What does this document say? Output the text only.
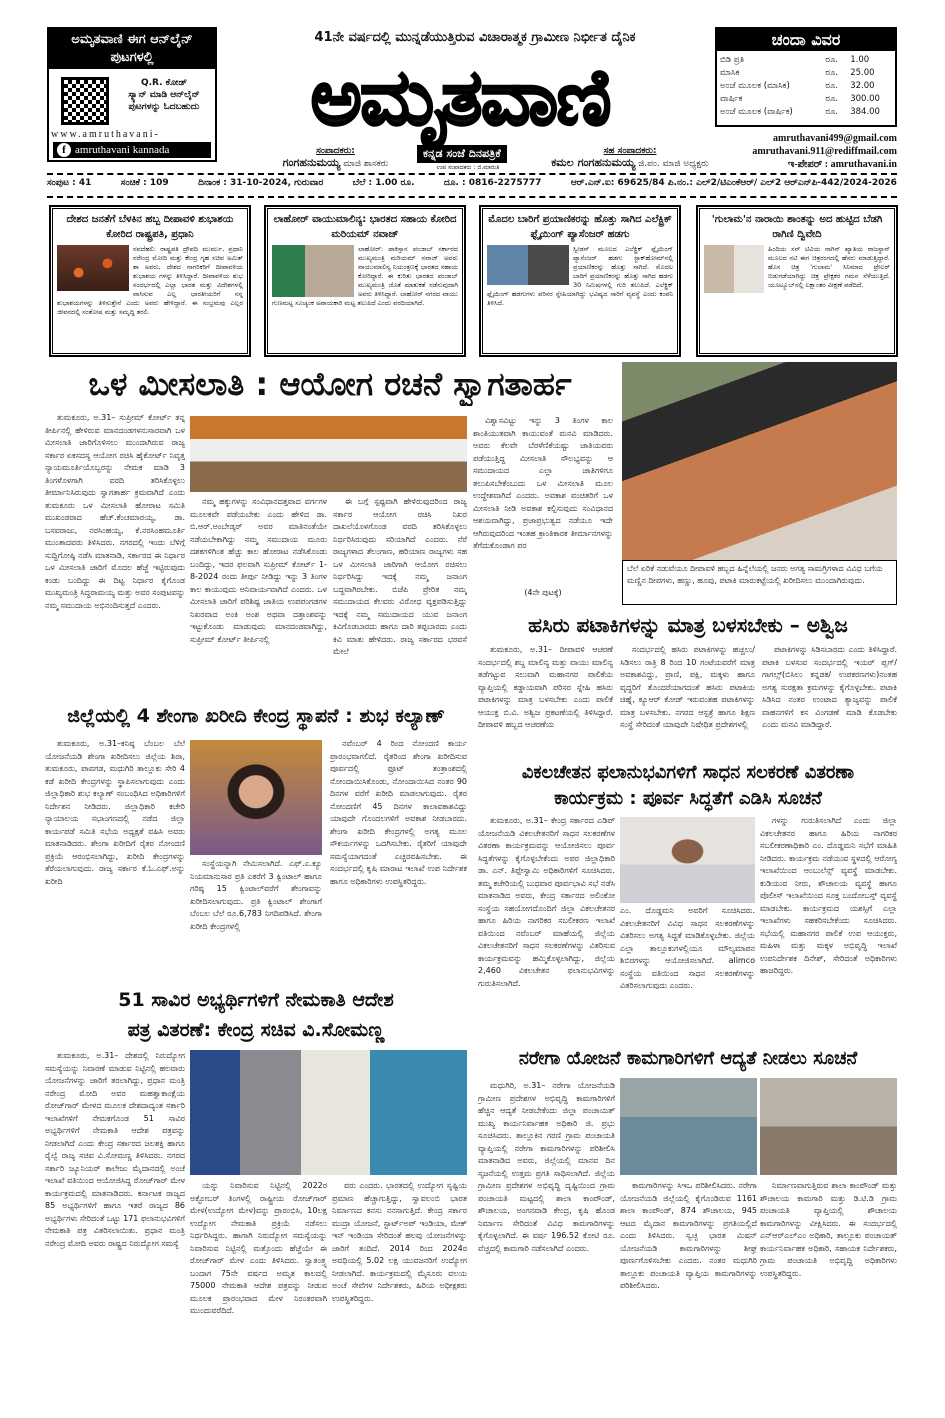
ಅಮೃತವಾಣಿ ಈಗ ಆನ್‌ಲೈನ್ ಪುಟಗಳಲ್ಲಿ
Q.R. ಕೋಡ್
ಸ್ಕ್ಯಾನ್ ಮಾಡಿ ಆನ್‌ಲೈನ್ ಪುಟಗಳನ್ನು ಓದಬಹುದು
www.amruthavani-
f amruthavani kannada
41ನೇ ವರ್ಷದಲ್ಲಿ ಮುನ್ನಡೆಯುತ್ತಿರುವ ವಿಚಾರಾತ್ಮಕ ಗ್ರಾಮೀಣ ನಿರ್ಭೀತ ದೈನಿಕ
ಅಮೃತವಾಣಿ
ಕನ್ನಡ ಸಂಜೆ ದಿನಪತ್ರಿಕೆ
ಸಂಪಾದಕರು:
ಗಂಗಹನುಮಯ್ಯ ಮಾಜಿ ಶಾಸಕರು	ಉಪ ಸಂಪಾದಕರು : ಜಿ.ಮಾರುತಿ
ಸಹ ಸಂಪಾದಕರು:
ಕಮಲ ಗಂಗಹನುಮಯ್ಯ ಜಿ.ಪಂ. ಮಾಜಿ ಅಧ್ಯಕ್ಷರು
ಚಂದಾ ವಿವರ
ಬಿಡಿ ಪ್ರತಿ	ರೂ.	1.00
ಮಾಸಿಕ	ರೂ.	25.00
ಅಂಚೆ ಮೂಲಕ (ಮಾಸಿಕ)	ರೂ.	32.00
ವಾರ್ಷಿಕ	ರೂ.	300.00
ಅಂಚೆ ಮೂಲಕ (ವಾರ್ಷಿಕ)	ರೂ.	384.00
amruthavani499@gmail.com
amruthavani.911@rediffmail.com
ಇ-ಪೇಪರ್ : amruthavani.in
ಸಂಪುಟ : 41	ಸಂಚಿಕೆ : 109	ದಿನಾಂಕ : 31-10-2024, ಗುರುವಾರ	ಬೆಲೆ : 1.00 ರೂ.	ದೂ. : 0816-2275777	ಆರ್.ಎನ್.ಐ: 69625/84 ಪಿ.ನಂ.: ಎಲ್2/ಟಿಎಂಕೆಆರ್/ ಎಲ್2 ಆರ್‌ಎನ್‌ಪಿ-442/2024-2026
ದೇಶದ ಜನತೆಗೆ ಬೆಳಕಿನ ಹಬ್ಬ ದೀಪಾವಳಿ ಶುಭಾಶಯ ಕೋರಿದ ರಾಷ್ಟ್ರಪತಿ, ಪ್ರಧಾನಿ

ನವದೆಹಲಿ: ರಾಷ್ಟ್ರಪತಿ ದ್ರೌಪದಿ ಮುರ್ಮು, ಪ್ರಧಾನಿ ನರೇಂದ್ರ ಮೋದಿ ಮತ್ತು ಕೇಂದ್ರ ಗೃಹ ಸಚಿವ ಅಮಿತ್ ಶಾ ಅವರು, ದೇಶದ ನಾಗರಿಕರಿಗೆ ದೀಪಾವಳಿಯ ಶುಭಾಶಯ ಗಳನ್ನು ತಿಳಿಸಿದ್ದಾರೆ. ದೀಪಾವಳಿಯ ಶುಭ ಸಂದರ್ಭದಲ್ಲಿ ಎಲ್ಲಾ ಭಾರತ ಮತ್ತು ವಿದೇಶಗಳಲ್ಲಿ ವಾಸಿಸುವ ಎಲ್ಲ ಭಾರತೀಯರಿಗೆ ನನ್ನ ಶುಭಾಶಯಗಳನ್ನು ತಿಳಿಸುತ್ತೇನೆ ಎಂದು ಅವರು ಹೇಳಿದ್ದಾರೆ. ಈ ಸಂಭ್ರಮವು ಎಲ್ಲರ ಜೀವನದಲ್ಲಿ ಸಂತೋಷ ಮತ್ತು ಸಮೃದ್ಧಿ ತರಲಿ.

ಲಾಹೋರ್ ವಾಯುಮಾಲಿನ್ಯ: ಭಾರತದ ಸಹಾಯ ಕೋರಿದ ಮರಿಯಮ್ ನವಾಜ್

ಲಾಹೋರ್: ಪಾಕಿಸ್ತಾನ ಪಂಜಾಬ್ ಸರ್ಕಾರದ ಮುಖ್ಯಮಂತ್ರಿ ಮರಿಯಮ್ ನವಾಜ್ ಅವರು ವಾಯುಮಾಲಿನ್ಯ ನಿಯಂತ್ರಣಕ್ಕೆ ಭಾರತದ ಸಹಾಯ ಕೋರಿದ್ದಾರೆ. ಈ ಕುರಿತು ಭಾರತದ ಪಂಜಾಬ್ ಮುಖ್ಯಮಂತ್ರಿ ಜೊತೆ ಮಾತುಕತೆ ನಡೆಸುವುದಾಗಿ ಅವರು ತಿಳಿಸಿದ್ದಾರೆ. ಲಾಹೋರ್ ನಗರದ ವಾಯು ಗುಣಮಟ್ಟ ಸೂಚ್ಯಂಕ ಅಪಾಯಕಾರಿ ಮಟ್ಟ ತಲುಪಿದೆ ಎಂದು ವರದಿಯಾಗಿದೆ.

ಮೊದಲ ಬಾರಿಗೆ ಪ್ರಯಾಣಿಕರನ್ನು ಹೊತ್ತು ಸಾಗಿದ ಎಲೆಕ್ಟ್ರಿಕ್ ಫ್ಲೈಯಿಂಗ್ ಪ್ಯಾಸೆಂಜರ್ ಹಡಗು

ಸ್ವೀಡನ್ ಮೂಲದ ಎಲೆಕ್ಟ್ರಿಕ್ ಫ್ಲೈಯಿಂಗ್ ಪ್ಯಾಸೆಂಜರ್ ಹಡಗು ಸ್ಟಾಕ್‌ಹೋಮ್‌ನಲ್ಲಿ ಪ್ರಯಾಣಿಕರನ್ನು ಹೊತ್ತು ಸಾಗಿದೆ. ಮೊದಲ ಬಾರಿಗೆ ಪ್ರಯಾಣಿಕರನ್ನು ಹೊತ್ತು ಸಾಗಿದ ಹಡಗು 30 ನಿಮಿಷಗಳಲ್ಲಿ ಗುರಿ ತಲುಪಿದೆ. ಎಲೆಕ್ಟ್ರಿಕ್ ಫ್ಲೈಯಿಂಗ್ ಹಡಗುಗಳು ಪರಿಸರ ಸ್ನೇಹಿಯಾಗಿದ್ದು ಭವಿಷ್ಯದ ಸಾರಿಗೆ ವ್ಯವಸ್ಥೆ ಎಂದು ಕಂಪನಿ ತಿಳಿಸಿದೆ.

'ಗುಲಾಮ'ನ ನಾರಾಯಿ ಶಾಂತನ್ನು ಅದ ಹುಟ್ಟಿದ ಬೆಡಗಿ ರಾಗಿಣಿ ದ್ವಿವೇದಿ

ಹಿಂದಿಯ ಸನ್ ಟಿವಿಯ ನಾಗಿನ್ ಖ್ಯಾತಿಯ ರಾಜಸ್ಥಾನ್ ಮೂಲದ ನಟಿ ಈಗ ಚಿತ್ರರಂಗದಲ್ಲಿ ಹೆಸರು ಮಾಡುತ್ತಿದ್ದಾರೆ. ಹೊಸ ಚಿತ್ರ 'ಗುಲಾಮ' ಸಿನಿಮಾದ ಟ್ರೇಲರ್ ಬಿಡುಗಡೆಯಾಗಿದ್ದು ಚಿತ್ರ ಪ್ರೇಕ್ಷಕರ ಗಮನ ಸೆಳೆಯುತ್ತಿದೆ. ಯೂಟ್ಯೂಬ್‌ನಲ್ಲಿ ಲಕ್ಷಾಂತರ ವೀಕ್ಷಣೆ ಪಡೆದಿದೆ.

ಒಳ ಮೀಸಲಾತಿ : ಆಯೋಗ ರಚನೆ ಸ್ವಾಗತಾರ್ಹ
ತುಮಕೂರು, ಅ.31– ಸುಪ್ರೀಮ್ ಕೋರ್ಟ್ ತನ್ನ ತೀರ್ಪಿನಲ್ಲಿ ಹೇಳಿರುವ ಮಾನದಂಡಗಳನುಸಾರವಾಗಿ ಒಳ ಮೀಸಲಾತಿ ಜಾರಿಗೊಳಿಸಲು ಮುಂದಾಗಿರುವ ರಾಜ್ಯ ಸರ್ಕಾರ ಏಕಸದಸ್ಯ ಆಯೋಗ ರಚಿಸಿ ಹೈಕೋರ್ಟ್ ನಿವೃತ್ತ ನ್ಯಾಯಮೂರ್ತಿಯೊಬ್ಬರನ್ನು ನೇಮಕ ಮಾಡಿ 3 ತಿಂಗಳೊಳಗಾಗಿ ವರದಿ ತರಿಸಿಕೊಳ್ಳಲು ತೀರ್ಮಾನಿಸಿರುವುದು ಸ್ವಾಗತಾರ್ಹ ಕ್ರಮವಾಗಿದೆ ಎಂದು ತುಮಕೂರು ಒಳ ಮೀಸಲಾತಿ ಹೋರಾಟ ಸಮಿತಿ ಮುಖಂಡರಾದ ಹೆಚ್.ಕೆಂಚಮಾರಯ್ಯ, ಡಾ. ಬಸವರಾಜು, ನರಸಿಂಹಯ್ಯ, ಕೆ.ನರಸಿಂಹಮೂರ್ತಿ ಮುಂತಾದವರು ತಿಳಿಸಿದರು. ನಗರದಲ್ಲಿ ಇಂದು ಬೆಳಿಗ್ಗೆ ಸುದ್ದಿಗೋಷ್ಠಿ ನಡೆಸಿ ಮಾತನಾಡಿ, ಸರ್ಕಾರದ ಈ ನಿರ್ಧಾರ ಒಳ ಮೀಸಲಾತಿ ಜಾರಿಗೆ ಮೊದಲ ಹೆಜ್ಜೆ ಇಟ್ಟಿರುವುದು ಕಂಡು ಬಂದಿದ್ದು ಈ ದಿಟ್ಟ ನಿರ್ಧಾರ ಕೈಗೊಂಡ ಮುಖ್ಯಮಂತ್ರಿ ಸಿದ್ದರಾಮಯ್ಯ ಮತ್ತು ಅವರ ಸಂಪುಟವನ್ನು ನಮ್ಮ ಸಮುದಾಯ ಅಭಿನಂದಿಸುತ್ತದೆ ಎಂದರು.
ನಮ್ಮ ಹಕ್ಕುಗಳನ್ನು ಸಂವಿಧಾನದತ್ತವಾದ ವರ್ಗಗಳ ಮೂಲಕವೇ ಪಡೆಯಬೇಕು ಎಂದು ಹೇಳಿದ ಡಾ. ಬಿ.ಆರ್.ಅಂಬೇಡ್ಕರ್ ಅವರ ಮಾತಿನಂತೆಯೇ ನಡೆಯಬೇಕಾಗಿದ್ದು ನಮ್ಮ ಸಮುದಾಯ ಮೂರು ದಶಕಗಳಿಗಿಂತ ಹೆಚ್ಚು ಕಾಲ ಹೋರಾಟ ನಡೆಸಿಕೊಂಡು ಬಂದಿದ್ದು, ಇದರ ಫಲವಾಗಿ ಸುಪ್ರೀಮ್ ಕೋರ್ಟ್ 1-8-2024 ರಂದು ತೀರ್ಪು ನೀಡಿದ್ದು ಇನ್ನು 3 ತಿಂಗಳ ಕಾಲ ಕಾಯುವುದು ಅನಿವಾರ್ಯವಾಗಿದೆ ಎಂದರು. ಒಳ ಮೀಸಲಾತಿ ಜಾರಿಗೆ ಪರಿಶಿಷ್ಟ ಜಾತಿಯ ಉಪಪಂಗಡಗಳ ನಿಖರವಾದ ಅಂಕಿ ಅಂಶ ಅಥವಾ ದತ್ತಾಂಶವನ್ನು ಇಟ್ಟುಕೊಂಡು ಮಾಡುವುದು ಮಾನದಂಡವಾಗಿದ್ದು, ಸುಪ್ರೀಮ್ ಕೋರ್ಟ್ ತೀರ್ಪಿನಲ್ಲಿ
ಈ ಬಗ್ಗೆ ಸ್ಪಷ್ಟವಾಗಿ ಹೇಳಿರುವುದರಿಂದ ರಾಜ್ಯ ಸರ್ಕಾರ ಆಯೋಗ ರಚಿಸಿ ನಿಖರ ದಾಖಲೆಯೊಳಗೊಂಡ ವರದಿ ತರಿಸಿಕೊಳ್ಳಲು ನಿರ್ಧರಿಸಿರುವುದು ಸರಿಯಾಗಿದೆ ಎಂದರು. ನೆರೆ ರಾಜ್ಯಗಳಾದ ತೆಲಂಗಾಣ, ಹರಿಯಾಣ ರಾಜ್ಯಗಳು ಸಹ ಒಳ ಮೀಸಲಾತಿ ಜಾರಿಗಾಗಿ ಆಯೋಗ ರಚಿಸಲು ನಿರ್ಧರಿಸಿದ್ದು ಇದಕ್ಕೆ ನಮ್ಮ ಜನಾಂಗ ಬದ್ಧವಾಗಿರಬೇಕು. ಬಿಜೆಪಿ ಪ್ರೇರಿತ ನಮ್ಮ ಸಮುದಾಯದ ಕೆಲವರು ವಿರೋಧ ವ್ಯಕ್ತಪಡಿಸುತ್ತಿದ್ದು ಇದಕ್ಕೆ ನಮ್ಮ ಸಮುದಾಯದ ಯುವ ಜನಾಂಗ ಕಿವಿಗೊಡಬಾರದು ಹಾಗೂ ದಾರಿ ತಪ್ಪಬಾರದು ಎಂದು ಕಿವಿ ಮಾತು ಹೇಳಿದರು. ರಾಜ್ಯ ಸರ್ಕಾರದ ಭರವಸೆ ಮೇಲೆ
ವಿಶ್ವಾಸವಿಟ್ಟು ಇನ್ನು 3 ತಿಂಗಳ ಕಾಲ ಶಾಂತಿಯುತವಾಗಿ ಕಾಯುವಂತೆ ಮನವಿ ಮಾಡಿದರು. ಅವರು ಕೆಲವೇ ಬೆರಳೆಣಿಕೆಯಷ್ಟು ಜಾತಿಯವರು ಪಡೆಯುತ್ತಿದ್ದ ಮೀಸಲಾತಿ ಸೌಲಭ್ಯವನ್ನು ಆ ಸಮುದಾಯದ ಎಲ್ಲಾ ಜಾತಿಗಳಿಗೂ ತಲುಪಿಸಬೇಕೆಂಬುದು ಒಳ ಮೀಸಲಾತಿ ಮೂಲ ಉದ್ದೇಶವಾಗಿದೆ ಎಂದರು. ಅವಕಾಶ ವಂಚಿತರಿಗೆ ಒಳ ಮೀಸಲಾತಿ ನೀಡಿ ಅವಕಾಶ ಕಲ್ಪಿಸುವುದು ಸಂವಿಧಾನದ ಆಶಯವಾಗಿದ್ದು, ಪ್ರಜಾಪ್ರಭುತ್ವದ ನಡೆಯೂ ಇದೇ ಆಗಿರುವುದರಿಂದ ಇಂತಹ ಕ್ರಾಂತಿಕಾರಕ ತೀರ್ಮಾನಗಳನ್ನು ತೆಗೆದುಕೊಂಡಾಗ ಪರ
(4ನೇ ಪುಟಕ್ಕೆ)
ಬೆಲೆ ಏರಿಕೆ ನಡುವೆಯೂ ದೀಪಾವಳಿ ಹಬ್ಬದ ಹಿನ್ನೆಲೆಯಲ್ಲಿ ಜನರು ಅಗತ್ಯ ಸಾಮಗ್ರಿಗಳಾದ ವಿವಿಧ ಬಗೆಯ ಮಣ್ಣಿನ ದೀಪಗಳು, ಹಣ್ಣು, ಹೂವು, ಪಟಾಕಿ ಮಾರುಕಟ್ಟೆಯಲ್ಲಿ ಖರೀದಿಸಲು ಮುಂದಾಗಿರುವುದು.
ಹಸಿರು ಪಟಾಕಿಗಳನ್ನು ಮಾತ್ರ ಬಳಸಬೇಕು – ಅಶ್ವಿಜ
ತುಮಕೂರು, ಅ.31– ದೀಪಾವಳಿ ಆಚರಣೆ ಸಂದರ್ಭದಲ್ಲಿ ಶಬ್ದ ಮಾಲಿನ್ಯ ಮತ್ತು ವಾಯು ಮಾಲಿನ್ಯ ತಡೆಗಟ್ಟುವ ಸಲುವಾಗಿ ಮಹಾನಗರ ಪಾಲಿಕೆಯ ವ್ಯಾಪ್ತಿಯಲ್ಲಿ ಕಡ್ಡಾಯವಾಗಿ ಪರಿಸರ ಸ್ನೇಹಿ ಹಸಿರು ಪಟಾಕಿಗಳನ್ನು ಮಾತ್ರ ಬಳಸಬೇಕು ಎಂದು ಪಾಲಿಕೆ ಆಯುಕ್ತ ಬಿ.ವಿ. ಅಶ್ವಿಜ ಪ್ರಕಟಣೆಯಲ್ಲಿ ತಿಳಿಸಿದ್ದಾರೆ. ದೀಪಾವಳಿ ಹಬ್ಬದ ಆಚರಣೆಯ
ಸಂದರ್ಭದಲ್ಲಿ ಹಸಿರು ಪಟಾಕಿಗಳನ್ನು ಹಚ್ಚಲು/ಸಿಡಿಸಲು ರಾತ್ರಿ 8 ರಿಂದ 10 ಗಂಟೆಯವರೆಗೆ ಮಾತ್ರ ಅವಕಾಶವಿದ್ದು, ಪ್ರಾಣಿ, ಪಕ್ಷಿ, ಮಕ್ಕಳು ಹಾಗೂ ವೃದ್ಧರಿಗೆ ತೊಂದರೆಯಾಗದಂತೆ ಹಸಿರು ಪಟಾಕಿಯ ಚಿಹ್ನೆ, ಕ್ಯೂಆರ್ ಕೋಡ್ ಇರುವಂತಹ ಪಟಾಕಿಗಳನ್ನು ಮಾತ್ರ ಬಳಸಬೇಕು. ನಗರದ ಆಸ್ಪತ್ರೆ ಹಾಗೂ ಶಿಕ್ಷಣ ಸಂಸ್ಥೆ ಸೇರಿದಂತೆ ಯಾವುದೇ ನಿಷೇಧಿತ ಪ್ರದೇಶಗಳಲ್ಲಿ
ಪಟಾಕಿಗಳನ್ನು ಸಿಡಿಸಬಾರದು ಎಂದು ತಿಳಿಸಿದ್ದಾರೆ. ಪಟಾಕಿ ಬಳಸುವ ಸಂದರ್ಭದಲ್ಲಿ ಇಯರ್ ಪ್ಲಗ್/ಗಾಗಲ್ಸ್(ಬಿಸಿಲು ಕನ್ನಡಕ/ ಉಪಕರಣಗಳು)ನಂತಹ ಅಗತ್ಯ ಸುರಕ್ಷತಾ ಕ್ರಮಗಳನ್ನು ಕೈಗೊಳ್ಳಬೇಕು. ಪಟಾಕಿ ಸಿಡಿಸಿದ ನಂತರ ಉಂಟಾದ ತ್ಯಾಜ್ಯವನ್ನು ಪಾಲಿಕೆ ವಾಹನಗಳಿಗೆ ಕಸ ವಿಂಗಡಣೆ ಮಾಡಿ ಕೊಡಬೇಕು ಎಂದು ಮನವಿ ಮಾಡಿದ್ದಾರೆ.
ಜಿಲ್ಲೆಯಲ್ಲಿ 4 ಶೇಂಗಾ ಖರೀದಿ ಕೇಂದ್ರ ಸ್ಥಾಪನೆ : ಶುಭ ಕಲ್ಯಾಣ್
ತುಮಕೂರು, ಅ.31–ಕನಿಷ್ಠ ಬೆಂಬಲ ಬೆಲೆ ಯೋಜನೆಯಡಿ ಶೇಂಗಾ ಖರೀದಿಸಲು ಜಿಲ್ಲೆಯ ಶಿರಾ, ತುಮಕೂರು, ಪಾವಗಡ, ಮಧುಗಿರಿ ತಾಲ್ಲೂಕು ಸೇರಿ 4 ಕಡೆ ಖರೀದಿ ಕೇಂದ್ರಗಳನ್ನು ಸ್ಥಾಪಿಸಲಾಗುವುದು ಎಂದು ಜಿಲ್ಲಾಧಿಕಾರಿ ಶುಭ ಕಲ್ಯಾಣ್ ಸಂಬಂಧಿಸಿದ ಅಧಿಕಾರಿಗಳಿಗೆ ನಿರ್ದೇಶನ ನೀಡಿದರು. ಜಿಲ್ಲಾಧಿಕಾರಿ ಕಚೇರಿ ನ್ಯಾಯಾಲಯ ಸಭಾಂಗಣದಲ್ಲಿ ನಡೆದ ಜಿಲ್ಲಾ ಕಾರ್ಯಪಡೆ ಸಮಿತಿ ಸಭೆಯ ಅಧ್ಯಕ್ಷತೆ ವಹಿಸಿ ಅವರು ಮಾತನಾಡಿದರು. ಶೇಂಗಾ ಖರೀದಿಗೆ ರೈತರ ನೋಂದಣಿ ಪ್ರಕ್ರಿಯೆ ಆರಂಭಿಸಲಾಗಿದ್ದು, ಖರೀದಿ ಕೇಂದ್ರಗಳನ್ನು ತೆರೆಯಲಾಗುವುದು. ರಾಜ್ಯ ಸರ್ಕಾರ ಕೆ.ಓ.ಎಫ್.ಅನ್ನು ಖರೀದಿ
ಸಂಸ್ಥೆಯನ್ನಾಗಿ ನೇಮಿಸಲಾಗಿದೆ. ಎಫ್.ಎ.ಕ್ಯೂ ನಿಯಮಾನುಸಾರ ಪ್ರತಿ ಎಕರೆಗೆ 3 ಕ್ವಿಂಟಾಲ್ ಹಾಗೂ ಗರಿಷ್ಠ 15 ಕ್ವಿಂಟಾಲ್‌ವರೆಗೆ ಶೇಂಗಾವನ್ನು ಖರೀದಿಸಲಾಗುವುದು. ಪ್ರತಿ ಕ್ವಿಂಟಾಲ್ ಶೇಂಗಾಗೆ ಬೆಂಬಲ ಬೆಲೆ ರೂ.6,783 ನಿಗದಿಪಡಿಸಿದೆ. ಶೇಂಗಾ ಖರೀದಿ ಕೇಂದ್ರಗಳಲ್ಲಿ
ನವೆಂಬರ್ 4 ರಿಂದ ನೋಂದಣಿ ಕಾರ್ಯ ಪ್ರಾರಂಭವಾಗಲಿದೆ. ರೈತರಿಂದ ಶೇಂಗಾ ಖರೀದಿಸುವ ಪೂರ್ವದಲ್ಲಿ ಫ್ರೂಟ್ ತಂತ್ರಾಂಶದಲ್ಲಿ ನೋಂದಾಯಿಸಿಕೊಂಡು, ನೋಂದಾಯಿಸಿದ ನಂತರ 90 ದಿನಗಳ ವರೆಗೆ ಖರೀದಿ ಮಾಡಲಾಗುವುದು. ರೈತರ ನೋಂದಣಿಗೆ 45 ದಿನಗಳ ಕಾಲಾವಕಾಶವಿದ್ದು ಯಾವುದೇ ಗೊಂದಲಗಳಿಗೆ ಅವಕಾಶ ನೀಡಬಾರದು. ಶೇಂಗಾ ಖರೀದಿ ಕೇಂದ್ರಗಳಲ್ಲಿ ಅಗತ್ಯ ಮೂಲ ಸೌಕರ್ಯಗಳನ್ನು ಒದಗಿಸಬೇಕು. ರೈತರಿಗೆ ಯಾವುದೇ ಸಮಸ್ಯೆಯಾಗದಂತೆ ಎಚ್ಚರವಹಿಸಬೇಕು. ಈ ಸಂದರ್ಭದಲ್ಲಿ ಕೃಷಿ ಮಾರಾಟ ಇಲಾಖೆ ಉಪ ನಿರ್ದೇಶಕ ಹಾಗೂ ಅಧಿಕಾರಿಗಳು ಉಪಸ್ಥಿತರಿದ್ದರು.
ವಿಕಲಚೇತನ ಫಲಾನುಭವಿಗಳಿಗೆ ಸಾಧನ ಸಲಕರಣೆ ವಿತರಣಾ
ಕಾರ್ಯಕ್ರಮ : ಪೂರ್ವ ಸಿದ್ಧತೆಗೆ ಎಡಿಸಿ ಸೂಚನೆ
ತುಮಕೂರು, ಅ.31– ಕೇಂದ್ರ ಸರ್ಕಾರದ ಎಡಿಪ್ ಯೋಜನೆಯಡಿ ವಿಕಲಚೇತನರಿಗೆ ಸಾಧನ ಸಲಕರಣೆಗಳ ವಿತರಣಾ ಕಾರ್ಯಕ್ರಮವನ್ನು ಆಯೋಜಿಸಲು ಪೂರ್ವ ಸಿದ್ಧತೆಗಳನ್ನು ಕೈಗೊಳ್ಳಬೇಕೆಂದು ಅಪರ ಜಿಲ್ಲಾಧಿಕಾರಿ ಡಾ. ಎನ್. ತಿಪ್ಪೇಸ್ವಾಮಿ ಅಧಿಕಾರಿಗಳಿಗೆ ಸೂಚಿಸಿದರು. ತಮ್ಮ ಕಚೇರಿಯಲ್ಲಿ ಬುಧವಾರ ಪೂರ್ವಭಾವಿ ಸಭೆ ನಡೆಸಿ ಮಾತನಾಡಿದ ಅವರು, ಕೇಂದ್ರ ಸರ್ಕಾರದ ಅಲಿಂಕೋ ಸಂಸ್ಥೆಯ ಸಹಯೋಗದೊಂದಿಗೆ ಜಿಲ್ಲಾ ವಿಕಲಚೇತನರ ಹಾಗೂ ಹಿರಿಯ ನಾಗರಿಕರ ಸಬಲೀಕರಣ ಇಲಾಖೆ ವತಿಯಿಂದ ನವೆಂಬರ್ ಮಾಹೆಯಲ್ಲಿ ಜಿಲ್ಲೆಯ ವಿಕಲಚೇತನರಿಗೆ ಸಾಧನ ಸಲಕರಣೆಗಳನ್ನು ವಿತರಿಸುವ ಕಾರ್ಯಕ್ರಮವನ್ನು ಹಮ್ಮಿಕೊಳ್ಳಲಾಗಿದ್ದು, ಜಿಲ್ಲೆಯ 2,460 ವಿಕಲಚೇತನ ಫಲಾನುಭವಿಗಳನ್ನು ಗುರುತಿಸಲಾಗಿದೆ.
ಎಂ. ದೊಡ್ಡಮನಿ ಅವರಿಗೆ ಸೂಚಿಸಿದರು. ವಿಕಲಚೇತನರಿಗೆ ವಿವಿಧ ಸಾಧನ ಸಲಕರಣೆಗಳನ್ನು ವಿತರಿಸಲು ಅಗತ್ಯ ಸಿದ್ಧತೆ ಮಾಡಿಕೊಳ್ಳಬೇಕು. ಜಿಲ್ಲೆಯ ಎಲ್ಲಾ ತಾಲ್ಲೂಕುಗಳಲ್ಲಿಯೂ ಮೌಲ್ಯಮಾಪನ ಶಿಬಿರಗಳನ್ನು ಆಯೋಜಿಸಲಾಗಿದೆ. alimco ಸಂಸ್ಥೆಯ ವತಿಯಿಂದ ಸಾಧನ ಸಲಕರಣೆಗಳನ್ನು ವಿತರಿಸಲಾಗುವುದು ಎಂದರು.
ಗಳನ್ನು ಗುರುತಿಸಲಾಗಿದೆ ಎಂದು ಜಿಲ್ಲಾ ವಿಕಲಚೇತನರ ಹಾಗೂ ಹಿರಿಯ ನಾಗರಿಕರ ಸಬಲೀಕರಣಾಧಿಕಾರಿ ಎಂ. ದೊಡ್ಡಮನಿ ಸಭೆಗೆ ಮಾಹಿತಿ ನೀಡಿದರು. ಕಾರ್ಯಕ್ರಮ ನಡೆಯುವ ಸ್ಥಳದಲ್ಲಿ ಆರೋಗ್ಯ ಇಲಾಖೆಯಿಂದ ಆಂಬುಲೆನ್ಸ್ ವ್ಯವಸ್ಥೆ ಮಾಡಬೇಕು. ಕುಡಿಯುವ ನೀರು, ಶೌಚಾಲಯ ವ್ಯವಸ್ಥೆ ಹಾಗೂ ಪೊಲೀಸ್ ಇಲಾಖೆಯಿಂದ ಸೂಕ್ತ ಬಂದೋಬಸ್ತ್ ವ್ಯವಸ್ಥೆ ಮಾಡಬೇಕು. ಕಾರ್ಯಕ್ರಮದ ಯಶಸ್ಸಿಗೆ ಎಲ್ಲಾ ಇಲಾಖೆಗಳು ಸಹಕರಿಸಬೇಕೆಂದು ಸೂಚಿಸಿದರು. ಸಭೆಯಲ್ಲಿ ಮಹಾನಗರ ಪಾಲಿಕೆ ಉಪ ಆಯುಕ್ತರು, ಮಹಿಳಾ ಮತ್ತು ಮಕ್ಕಳ ಅಭಿವೃದ್ಧಿ ಇಲಾಖೆ ಉಪನಿರ್ದೇಶಕ ದಿನೇಶ್, ಸೇರಿದಂತೆ ಅಧಿಕಾರಿಗಳು ಹಾಜರಿದ್ದರು.
51 ಸಾವಿರ ಅಭ್ಯರ್ಥಿಗಳಿಗೆ ನೇಮಕಾತಿ ಆದೇಶ
ಪತ್ರ ವಿತರಣೆ: ಕೇಂದ್ರ ಸಚಿವ ವಿ.ಸೋಮಣ್ಣ
ತುಮಕೂರು, ಅ.31– ದೇಶದಲ್ಲಿ ನಿರುದ್ಯೋಗ ಸಮಸ್ಯೆಯನ್ನು ನಿವಾರಣೆ ಮಾಡುವ ನಿಟ್ಟಿನಲ್ಲಿ ಹಲವಾರು ಯೋಜನೆಗಳನ್ನು ಜಾರಿಗೆ ತರಲಾಗಿದ್ದು, ಪ್ರಧಾನ ಮಂತ್ರಿ ನರೇಂದ್ರ ಮೋದಿ ಅವರ ಮಹತ್ವಾಕಾಂಕ್ಷೆಯ ರೋಜ್‌ಗಾರ್ ಮೇಳದ ಮೂಲಕ ದೇಶದಾದ್ಯಂತ ಸರ್ಕಾರಿ ಇಲಾಖೆಗಳಿಗೆ ನೇಮಕಗೊಂಡ 51 ಸಾವಿರ ಅಭ್ಯರ್ಥಿಗಳಿಗೆ ನೇಮಕಾತಿ ಆದೇಶ ಪತ್ರವನ್ನು ನೀಡಲಾಗಿದೆ ಎಂದು ಕೇಂದ್ರ ಸರ್ಕಾರದ ಜಲಶಕ್ತಿ ಹಾಗೂ ರೈಲ್ವೆ ರಾಜ್ಯ ಸಚಿವ ವಿ.ಸೋಮಣ್ಣ ತಿಳಿಸಿದರು. ನಗರದ ಸರ್ಕಾರಿ ಜ್ಯೂನಿಯರ್ ಕಾಲೇಜು ಮೈದಾನದಲ್ಲಿ ಅಂಚೆ ಇಲಾಖೆ ವತಿಯಿಂದ ಆಯೋಜಿಸಿದ್ದ ರೋಜ್‌ಗಾರ್ ಮೇಳ ಕಾರ್ಯಕ್ರಮದಲ್ಲಿ ಮಾತನಾಡಿದರು. ಕರ್ನಾಟಕ ರಾಜ್ಯದ 85 ಅಭ್ಯರ್ಥಿಗಳಿಗೆ ಹಾಗೂ ಇತರೆ ರಾಜ್ಯದ 86 ಅಭ್ಯರ್ಥಿಗಳು ಸೇರಿದಂತೆ ಒಟ್ಟು 171 ಫಲಾನುಭವಿಗಳಿಗೆ ನೇಮಕಾತಿ ಪತ್ರ ವಿತರಿಸಲಾಯಿತು. ಪ್ರಧಾನ ಮಂತ್ರಿ ನರೇಂದ್ರ ಮೋದಿ ಅವರು ರಾಷ್ಟ್ರದ ನಿರುದ್ಯೋಗ ಸಮಸ್ಯೆ
ಯನ್ನು ನಿವಾರಿಸುವ ನಿಟ್ಟಿನಲ್ಲಿ 2022ರ ಅಕ್ಟೋಬರ್ ತಿಂಗಳಲ್ಲಿ ರಾಷ್ಟ್ರೀಯ ರೋಜ್‌ಗಾರ್ ಮೇಳ(ಉದ್ಯೋಗ ಮೇಳ)ವನ್ನು ಪ್ರಾರಂಭಿಸಿ, 10ಲಕ್ಷ ಉದ್ಯೋಗ ನೇಮಕಾತಿ ಪ್ರಕ್ರಿಯೆ ನಡೆಸಲು ನಿರ್ಧರಿಸಿದ್ದರು. ಹಾಗಾಗಿ ನಿರುದ್ಯೋಗ ಸಮಸ್ಯೆಯನ್ನು ನಿವಾರಿಸುವ ನಿಟ್ಟಿನಲ್ಲಿ ಮತ್ತೊಂದು ಹೆಜ್ಜೆಯೇ ಈ ರೋಜ್‌ಗಾರ್ ಮೇಳ ಎಂದು ತಿಳಿಸಿದರು. ಸ್ವಾತಂತ್ರ್ಯ ಬಂದಾಗ 75ನೇ ವರ್ಷದ ಅಮೃತ ಕಾಲದಲ್ಲಿ 75000 ನೇಮಕಾತಿ ಆದೇಶ ಪತ್ರವನ್ನು ನೀಡುವ ಮೂಲಕ ಪ್ರಾರಂಭವಾದ ಮೇಳ ನಿರಂತರವಾಗಿ ಮುಂದುವರೆದಿದೆ.
ವರು ಎಂದರು. ಭಾರತದಲ್ಲಿ ಉದ್ಯೋಗ ಸೃಷ್ಟಿಯ ಪ್ರಮಾಣ ಹೆಚ್ಚಾಗುತ್ತಿದ್ದು, ಸ್ವಾವಲಂಬಿ ಭಾರತ ನಿರ್ಮಾಣದ ಕನಸು ನನಸಾಗುತ್ತಿದೆ. ಕೇಂದ್ರ ಸರ್ಕಾರ ಮುದ್ರಾ ಯೋಜನೆ, ಸ್ಟಾರ್ಟ್‌ಅಪ್ ಇಂಡಿಯಾ, ಮೇಕ್ ಇನ್ ಇಂಡಿಯಾ ಸೇರಿದಂತೆ ಹಲವು ಯೋಜನೆಗಳನ್ನು ಜಾರಿಗೆ ತಂದಿದೆ. 2014 ರಿಂದ 2024ರ ಅವಧಿಯಲ್ಲಿ 5.02 ಲಕ್ಷ ಯುವಜನರಿಗೆ ಉದ್ಯೋಗ ನೀಡಲಾಗಿದೆ. ಕಾರ್ಯಕ್ರಮದಲ್ಲಿ ಮೈಸೂರು ವಲಯ ಅಂಚೆ ಸೇವೆಗಳ ನಿರ್ದೇಶಕರು, ಹಿರಿಯ ಅಧೀಕ್ಷಕರು ಉಪಸ್ಥಿತರಿದ್ದರು.
ನರೇಗಾ ಯೋಜನೆ ಕಾಮಗಾರಿಗಳಿಗೆ ಆದ್ಯತೆ ನೀಡಲು ಸೂಚನೆ
ಮಧುಗಿರಿ, ಅ.31– ನರೇಗಾ ಯೋಜನೆಯಡಿ ಗ್ರಾಮೀಣ ಪ್ರದೇಶಗಳ ಅಭಿವೃದ್ಧಿ ಕಾಮಗಾರಿಗಳಿಗೆ ಹೆಚ್ಚಿನ ಆದ್ಯತೆ ನೀಡಬೇಕೆಂದು ಜಿಲ್ಲಾ ಪಂಚಾಯತ್ ಮುಖ್ಯ ಕಾರ್ಯನಿರ್ವಾಹಕ ಅಧಿಕಾರಿ ಜಿ. ಪ್ರಭು ಸೂಚಿಸಿದರು. ತಾಲ್ಲೂಕಿನ ಗರಣಿ ಗ್ರಾಮ ಪಂಚಾಯತಿ ವ್ಯಾಪ್ತಿಯಲ್ಲಿ ನರೇಗಾ ಕಾಮಗಾರಿಗಳನ್ನು ಪರಿಶೀಲಿಸಿ ಮಾತನಾಡಿದ ಅವರು, ಜಿಲ್ಲೆಯಲ್ಲಿ ಮಾನವ ದಿನ ಸೃಜನೆಯಲ್ಲಿ ಉತ್ತಮ ಪ್ರಗತಿ ಸಾಧಿಸಲಾಗಿದೆ. ಜಿಲ್ಲೆಯ ಗ್ರಾಮೀಣ ಪ್ರದೇಶಗಳ ಅಭಿವೃದ್ಧಿ ದೃಷ್ಟಿಯಿಂದ ಗ್ರಾಮ ಪಂಚಾಯತಿ ಮಟ್ಟದಲ್ಲಿ ಶಾಲಾ ಕಾಂಪೌಂಡ್, ಶೌಚಾಲಯ, ಅಂಗನವಾಡಿ ಕೇಂದ್ರ, ಕೃಷಿ ಹೊಂಡ ನಿರ್ಮಾಣ ಸೇರಿದಂತೆ ವಿವಿಧ ಕಾಮಗಾರಿಗಳನ್ನು ಕೈಗೊಳ್ಳಲಾಗಿದೆ. ಈ ವರ್ಷ 196.52 ಕೋಟಿ ರೂ. ವೆಚ್ಚದಲ್ಲಿ ಕಾಮಗಾರಿ ನಡೆಸಲಾಗಿದೆ ಎಂದರು.
ಕಾಮಗಾರಿಗಳನ್ನು ಸಿಇಒ ಪರಿಶೀಲಿಸಿದರು. ನರೇಗಾ ಯೋಜನೆಯಡಿ ಜಿಲ್ಲೆಯಲ್ಲಿ ಕೈಗೊಂಡಿರುವ 1161 ಶಾಲಾ ಕಾಂಪೌಂಡ್, 874 ಶೌಚಾಲಯ, 945 ಆಟದ ಮೈದಾನ ಕಾಮಗಾರಿಗಳನ್ನು ಪ್ರಗತಿಯಲ್ಲಿದೆ ಎಂದು ತಿಳಿಸಿದರು. ಸ್ವಚ್ಛ ಭಾರತ ಮಿಷನ್ ಯೋಜನೆಯಡಿ ಕಾಮಗಾರಿಗಳನ್ನು ಶೀಘ್ರ ಪೂರ್ಣಗೊಳಿಸಬೇಕು ಎಂದರು. ನಂತರ ಮಧುಗಿರಿ ತಾಲ್ಲೂಕು ಪಂಚಾಯತಿ ವ್ಯಾಪ್ತಿಯ ಕಾಮಗಾರಿಗಳನ್ನು ಪರಿಶೀಲಿಸಿದರು.
ನಿರ್ಮಾಣವಾಗುತ್ತಿರುವ ಶಾಲಾ ಕಾಂಪೌಂಡ್ ಮತ್ತು ಶೌಚಾಲಯ ಕಾಮಗಾರಿ ಮತ್ತು ಡಿ.ಟಿ.ಡಿ ಗ್ರಾಮ ಪಂಚಾಯತಿ ವ್ಯಾಪ್ತಿಯಲ್ಲಿ ಶೌಚಾಲಯ ಕಾಮಗಾರಿಗಳನ್ನು ವೀಕ್ಷಿಸಿದರು. ಈ ಸಂದರ್ಭದಲ್ಲಿ ಎನ್‌ಆರ್‌ಎಲ್‌ಎಂ ಅಧಿಕಾರಿ, ತಾಲ್ಲೂಕು ಪಂಚಾಯತ್ ಕಾರ್ಯನಿರ್ವಾಹಕ ಅಧಿಕಾರಿ, ಸಹಾಯಕ ನಿರ್ದೇಶಕರು, ಗ್ರಾಮ ಪಂಚಾಯತಿ ಅಭಿವೃದ್ಧಿ ಅಧಿಕಾರಿಗಳು ಉಪಸ್ಥಿತರಿದ್ದರು.
